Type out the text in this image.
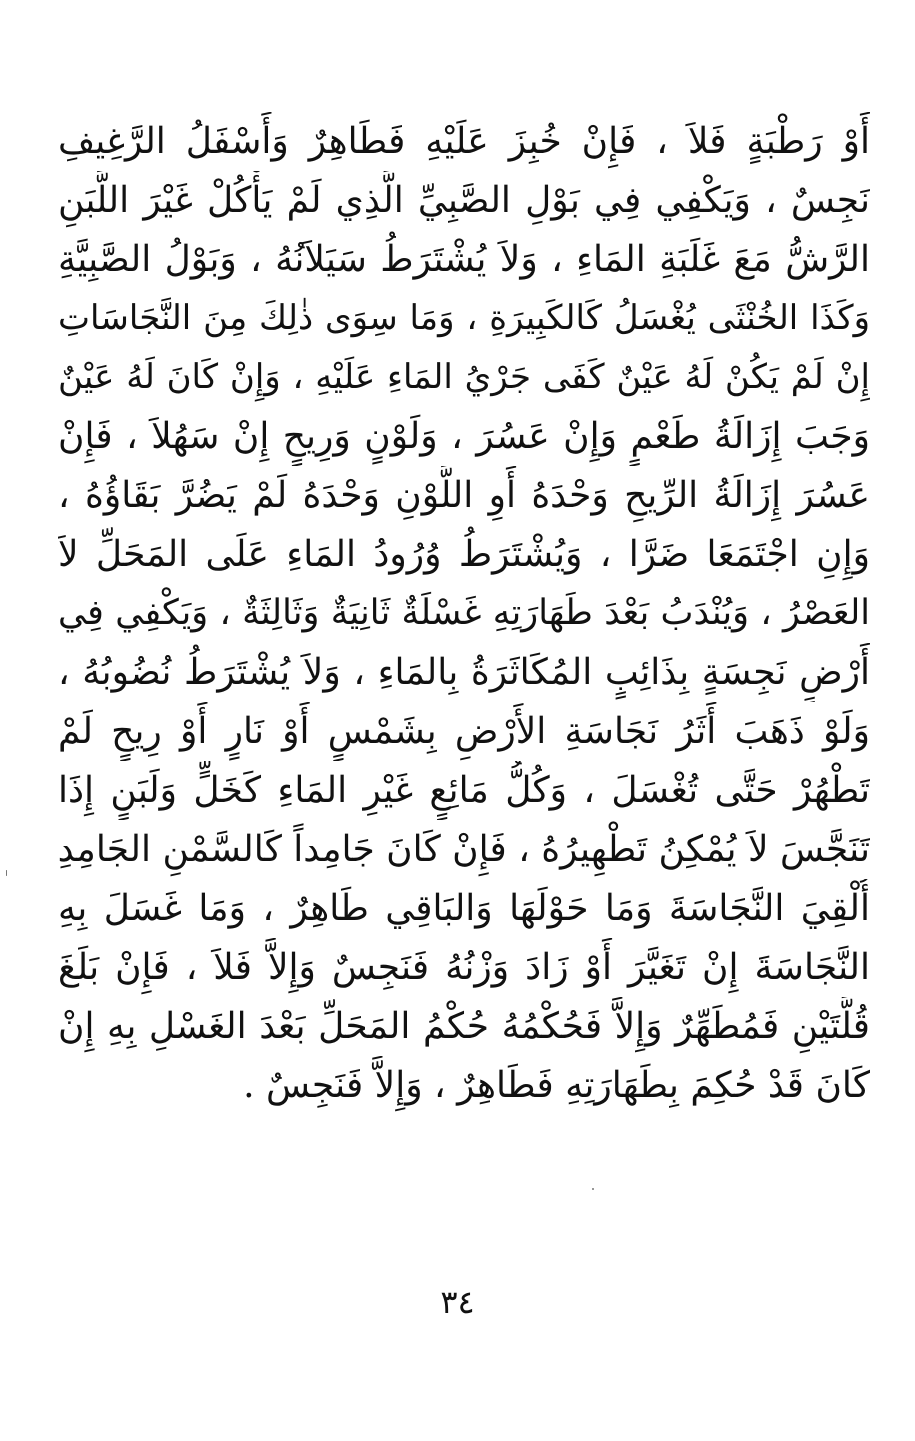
أَوْ رَطْبَةٍ فَلاَ ، فَإِنْ خُبِزَ عَلَيْهِ فَطَاهِرٌ وَأَسْفَلُ الرَّغِيفِ
نَجِسٌ ، وَيَكْفِي فِي بَوْلِ الصَّبِيِّ الَّذِي لَمْ يَأْكُلْ غَيْرَ اللَّبَنِ
الرَّشُّ مَعَ غَلَبَةِ المَاءِ ، وَلاَ يُشْتَرَطُ سَيَلاَنُهُ ، وَبَوْلُ الصَّبِيَّةِ
وَكَذَا الخُنْثَى يُغْسَلُ كَالكَبِيرَةِ ، وَمَا سِوَى ذٰلِكَ مِنَ النَّجَاسَاتِ
إِنْ لَمْ يَكُنْ لَهُ عَيْنٌ كَفَى جَرْيُ المَاءِ عَلَيْهِ ، وَإِنْ كَانَ لَهُ عَيْنٌ
وَجَبَ إِزَالَةُ طَعْمٍ وَإِنْ عَسُرَ ، وَلَوْنٍ وَرِيحٍ إِنْ سَهُلاَ ، فَإِنْ
عَسُرَ إِزَالَةُ الرِّيحِ وَحْدَهُ أَوِ اللَّوْنِ وَحْدَهُ لَمْ يَضُرَّ بَقَاؤُهُ ،
وَإِنِ اجْتَمَعَا ضَرَّا ، وَيُشْتَرَطُ وُرُودُ المَاءِ عَلَى المَحَلِّ لاَ
العَصْرُ ، وَيُنْدَبُ بَعْدَ طَهَارَتِهِ غَسْلَةٌ ثَانِيَةٌ وَثَالِثَةٌ ، وَيَكْفِي فِي
أَرْضٍ نَجِسَةٍ بِذَائِبٍ المُكَاثَرَةُ بِالمَاءِ ، وَلاَ يُشْتَرَطُ نُضُوبُهُ ،
وَلَوْ ذَهَبَ أَثَرُ نَجَاسَةِ الأَرْضِ بِشَمْسٍ أَوْ نَارٍ أَوْ رِيحٍ لَمْ
تَطْهُرْ حَتَّى تُغْسَلَ ، وَكُلُّ مَائِعٍ غَيْرِ المَاءِ كَخَلٍّ وَلَبَنٍ إِذَا
تَنَجَّسَ لاَ يُمْكِنُ تَطْهِيرُهُ ، فَإِنْ كَانَ جَامِداً كَالسَّمْنِ الجَامِدِ
أُلْقِيَ النَّجَاسَةَ وَمَا حَوْلَهَا وَالبَاقِي طَاهِرٌ ، وَمَا غَسَلَ بِهِ
النَّجَاسَةَ إِنْ تَغَيَّرَ أَوْ زَادَ وَزْنُهُ فَنَجِسٌ وَإِلاَّ فَلاَ ، فَإِنْ بَلَغَ
قُلَّتَيْنِ فَمُطَهِّرٌ وَإِلاَّ فَحُكْمُهُ حُكْمُ المَحَلِّ بَعْدَ الغَسْلِ بِهِ إِنْ
كَانَ قَدْ حُكِمَ بِطَهَارَتِهِ فَطَاهِرٌ ، وَإِلاَّ فَنَجِسٌ .
٣٤
